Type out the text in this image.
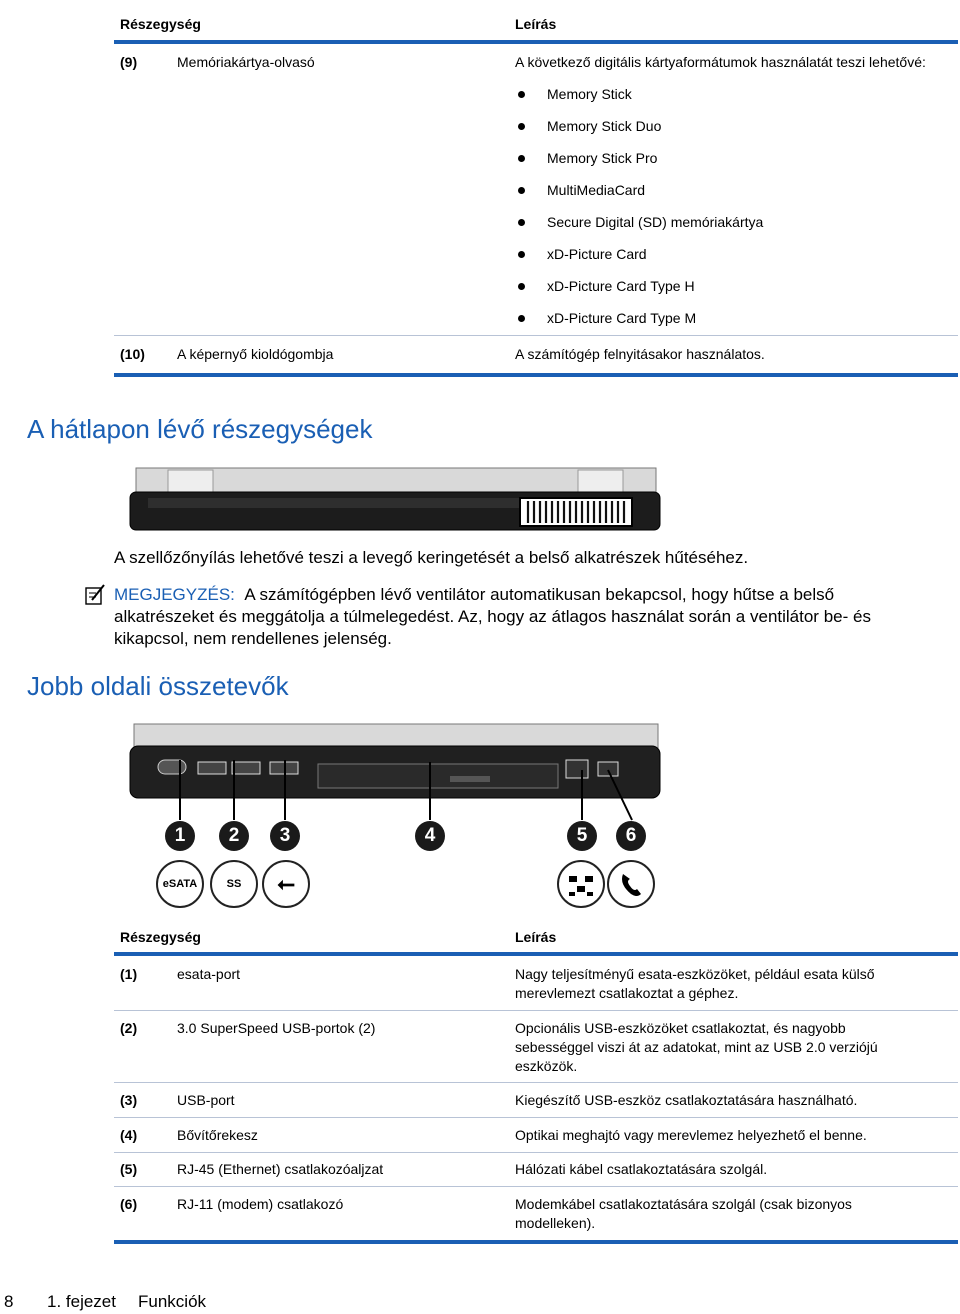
Részegység	Leírás
(9)	Memóriakártya-olvasó	A következő digitális kártyaformátumok használatát teszi lehetővé:
Memory Stick
Memory Stick Duo
Memory Stick Pro
MultiMediaCard
Secure Digital (SD) memóriakártya
xD-Picture Card
xD-Picture Card Type H
xD-Picture Card Type M
(10) A képernyő kioldógombja	A számítógép felnyitásakor használatos.
A hátlapon lévő részegységek
A szellőzőnyílás lehetővé teszi a levegő keringetését a belső alkatrészek hűtéséhez.
MEGJEGYZÉS: A számítógépben lévő ventilátor automatikusan bekapcsol, hogy hűtse a belső
alkatrészeket és meggátolja a túlmelegedést. Az, hogy az átlagos használat során a ventilátor be- és
kikapcsol, nem rendellenes jelenség.
Jobb oldali összetevők
1	2	3	4	5	6
eSATA	SS	⭠
Részegység	Leírás
(1)	esata-port	Nagy teljesítményű esata-eszközöket, például esata külső
merevlemezt csatlakoztat a géphez.
(2)	3.0 SuperSpeed USB-portok (2)	Opcionális USB-eszközöket csatlakoztat, és nagyobb
sebességgel viszi át az adatokat, mint az USB 2.0 verziójú
eszközök.
(3)	USB-port	Kiegészítő USB-eszköz csatlakoztatására használható.
(4)	Bővítőrekesz	Optikai meghajtó vagy merevlemez helyezhető el benne.
(5)	RJ-45 (Ethernet) csatlakozóaljzat	Hálózati kábel csatlakoztatására szolgál.
(6)	RJ-11 (modem) csatlakozó	Modemkábel csatlakoztatására szolgál (csak bizonyos
modelleken).
8 1. fejezet Funkciók
